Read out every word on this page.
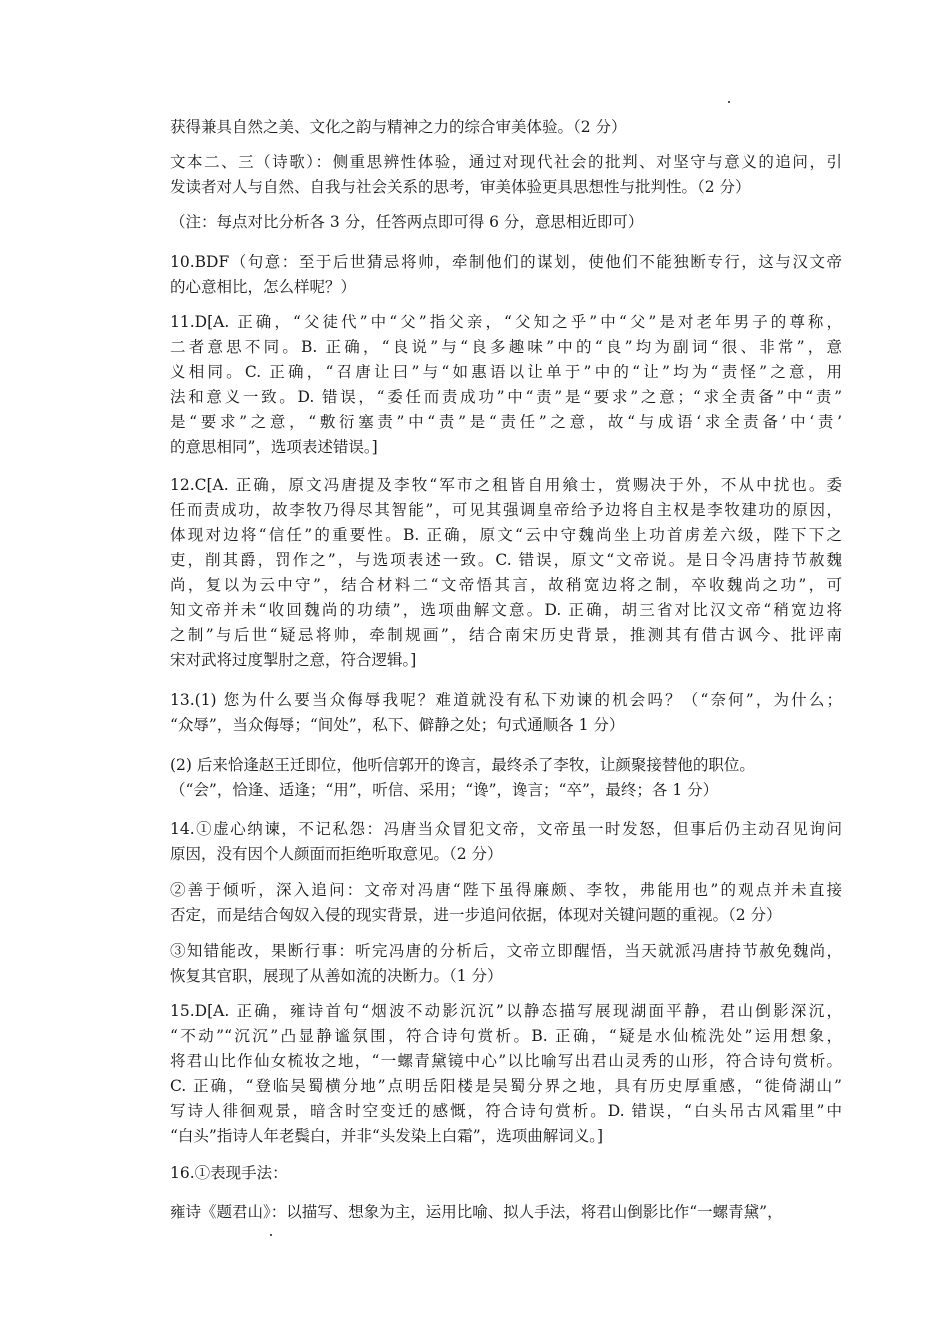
获得兼具自然之美、文化之韵与精神之力的综合审美体验。（2 分）
文本二、三（诗歌）：侧重思辨性体验，通过对现代社会的批判、对坚守与意义的追问，引
发读者对人与自然、自我与社会关系的思考，审美体验更具思想性与批判性。（2 分）
（注：每点对比分析各 3 分，任答两点即可得 6 分，意思相近即可）
10.BDF（句意：至于后世猜忌将帅，牵制他们的谋划，使他们不能独断专行，这与汉文帝
的心意相比，怎么样呢？）
11.D[A. 正确，“父徒代”中“父”指父亲，“父知之乎”中“父”是对老年男子的尊称，
二者意思不同。B. 正确，“良说”与“良多趣味”中的“良”均为副词“很、非常”，意
义相同。C. 正确，“召唐让曰”与“如惠语以让单于”中的“让”均为“责怪”之意，用
法和意义一致。D. 错误，“委任而责成功”中“责”是“要求”之意；“求全责备”中“责”
是“要求”之意，“敷衍塞责”中“责”是“责任”之意，故“与成语‘求全责备’中‘责’
的意思相同”，选项表述错误。]
12.C[A. 正确，原文冯唐提及李牧“军市之租皆自用飨士，赏赐决于外，不从中扰也。委
任而责成功，故李牧乃得尽其智能”，可见其强调皇帝给予边将自主权是李牧建功的原因，
体现对边将“信任”的重要性。B. 正确，原文“云中守魏尚坐上功首虏差六级，陛下下之
吏，削其爵，罚作之”，与选项表述一致。C. 错误，原文“文帝说。是日令冯唐持节赦魏
尚，复以为云中守”，结合材料二“文帝悟其言，故稍宽边将之制，卒收魏尚之功”，可
知文帝并未“收回魏尚的功绩”，选项曲解文意。D. 正确，胡三省对比汉文帝“稍宽边将
之制”与后世“疑忌将帅，牵制规画”，结合南宋历史背景，推测其有借古讽今、批评南
宋对武将过度掣肘之意，符合逻辑。]
13.(1) 您为什么要当众侮辱我呢？难道就没有私下劝谏的机会吗？（“奈何”，为什么；
“众辱”，当众侮辱；“间处”，私下、僻静之处；句式通顺各 1 分）
(2) 后来恰逢赵王迁即位，他听信郭开的谗言，最终杀了李牧，让颜聚接替他的职位。
（“会”，恰逢、适逢；“用”，听信、采用；“谗”，谗言；“卒”，最终；各 1 分）
14.①虚心纳谏，不记私怨：冯唐当众冒犯文帝，文帝虽一时发怒，但事后仍主动召见询问
原因，没有因个人颜面而拒绝听取意见。（2 分）
②善于倾听，深入追问：文帝对冯唐“陛下虽得廉颇、李牧，弗能用也”的观点并未直接
否定，而是结合匈奴入侵的现实背景，进一步追问依据，体现对关键问题的重视。（2 分）
③知错能改，果断行事：听完冯唐的分析后，文帝立即醒悟，当天就派冯唐持节赦免魏尚，
恢复其官职，展现了从善如流的决断力。（1 分）
15.D[A. 正确，雍诗首句“烟波不动影沉沉”以静态描写展现湖面平静，君山倒影深沉，
“不动”“沉沉”凸显静谧氛围，符合诗句赏析。B. 正确，“疑是水仙梳洗处”运用想象，
将君山比作仙女梳妆之地，“一螺青黛镜中心”以比喻写出君山灵秀的山形，符合诗句赏析。
C. 正确，“登临吴蜀横分地”点明岳阳楼是吴蜀分界之地，具有历史厚重感，“徙倚湖山”
写诗人徘徊观景，暗含时空变迁的感慨，符合诗句赏析。D. 错误，“白头吊古风霜里”中
“白头”指诗人年老鬓白，并非“头发染上白霜”，选项曲解词义。]
16.①表现手法：
雍诗《题君山》：以描写、想象为主，运用比喻、拟人手法，将君山倒影比作“一螺青黛”，
